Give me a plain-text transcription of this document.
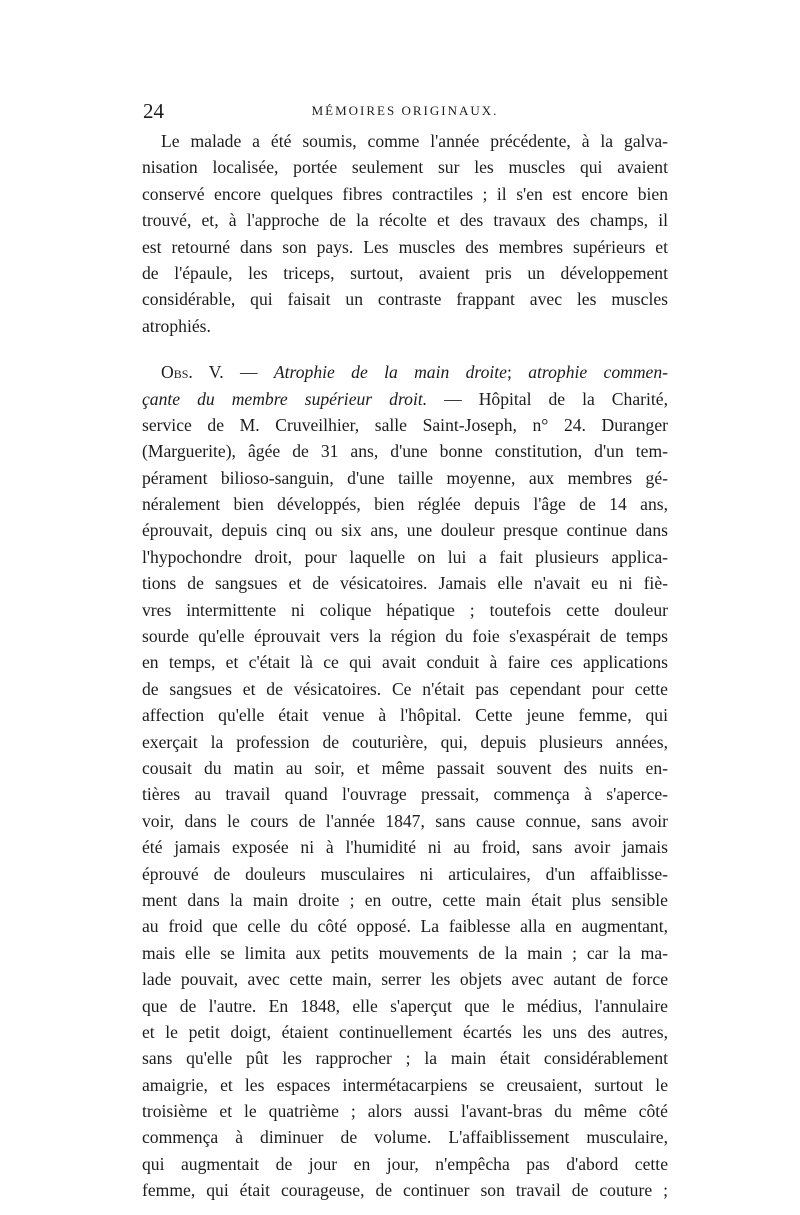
24	MÉMOIRES ORIGINAUX.
Le malade a été soumis, comme l'année précédente, à la galva-
nisation localisée, portée seulement sur les muscles qui avaient
conservé encore quelques fibres contractiles ; il s'en est encore bien
trouvé, et, à l'approche de la récolte et des travaux des champs, il
est retourné dans son pays. Les muscles des membres supérieurs et
de l'épaule, les triceps, surtout, avaient pris un développement
considérable, qui faisait un contraste frappant avec les muscles
atrophiés.
Obs. V. — Atrophie de la main droite; atrophie commen-
çante du membre supérieur droit. — Hôpital de la Charité,
service de M. Cruveilhier, salle Saint-Joseph, n° 24. Duranger
(Marguerite), âgée de 31 ans, d'une bonne constitution, d'un tem-
pérament bilioso-sanguin, d'une taille moyenne, aux membres gé-
néralement bien développés, bien réglée depuis l'âge de 14 ans,
éprouvait, depuis cinq ou six ans, une douleur presque continue dans
l'hypochondre droit, pour laquelle on lui a fait plusieurs applica-
tions de sangsues et de vésicatoires. Jamais elle n'avait eu ni fiè-
vres intermittente ni colique hépatique ; toutefois cette douleur
sourde qu'elle éprouvait vers la région du foie s'exaspérait de temps
en temps, et c'était là ce qui avait conduit à faire ces applications
de sangsues et de vésicatoires. Ce n'était pas cependant pour cette
affection qu'elle était venue à l'hôpital. Cette jeune femme, qui
exerçait la profession de couturière, qui, depuis plusieurs années,
cousait du matin au soir, et même passait souvent des nuits en-
tières au travail quand l'ouvrage pressait, commença à s'aperce-
voir, dans le cours de l'année 1847, sans cause connue, sans avoir
été jamais exposée ni à l'humidité ni au froid, sans avoir jamais
éprouvé de douleurs musculaires ni articulaires, d'un affaiblisse-
ment dans la main droite ; en outre, cette main était plus sensible
au froid que celle du côté opposé. La faiblesse alla en augmentant,
mais elle se limita aux petits mouvements de la main ; car la ma-
lade pouvait, avec cette main, serrer les objets avec autant de force
que de l'autre. En 1848, elle s'aperçut que le médius, l'annulaire
et le petit doigt, étaient continuellement écartés les uns des autres,
sans qu'elle pût les rapprocher ; la main était considérablement
amaigrie, et les espaces intermétacarpiens se creusaient, surtout le
troisième et le quatrième ; alors aussi l'avant-bras du même côté
commença à diminuer de volume. L'affaiblissement musculaire,
qui augmentait de jour en jour, n'empêcha pas d'abord cette
femme, qui était courageuse, de continuer son travail de couture ;
